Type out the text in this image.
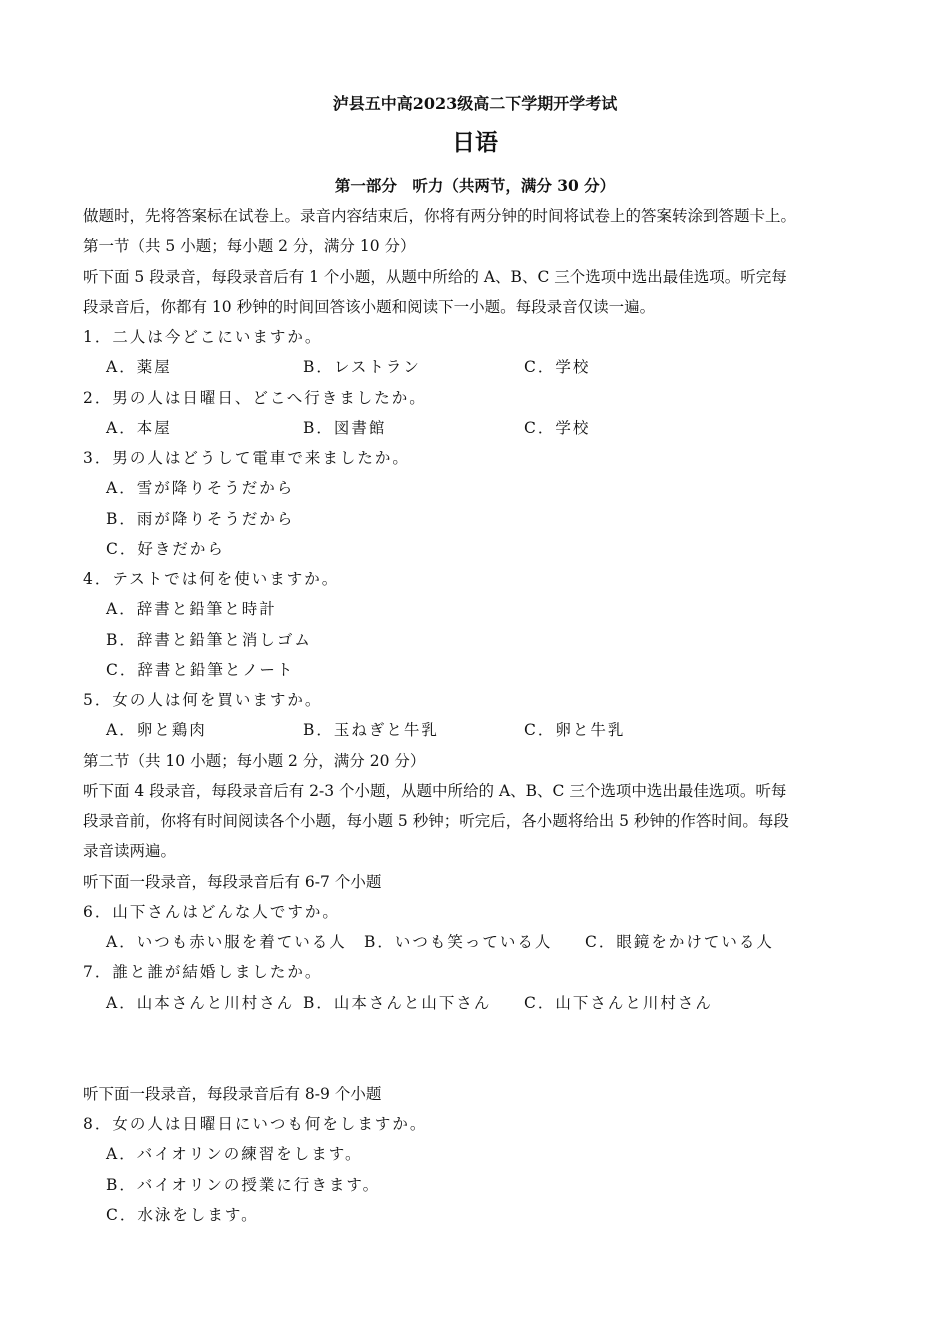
泸县五中高2023级高二下学期开学考试
日语
第一部分　听力（共两节，满分 30 分）
做题时，先将答案标在试卷上。录音内容结束后，你将有两分钟的时间将试卷上的答案转涂到答题卡上。
第一节（共 5 小题；每小题 2 分，满分 10 分）
听下面 5 段录音，每段录音后有 1 个小题，从题中所给的 A、B、C 三个选项中选出最佳选项。听完每
段录音后，你都有 10 秒钟的时间回答该小题和阅读下一小题。每段录音仅读一遍。
1．二人は今どこにいますか。
A．薬屋	B．レストラン	C．学校
2．男の人は日曜日、どこへ行きましたか。
A．本屋	B．図書館	C．学校
3．男の人はどうして電車で来ましたか。
A．雪が降りそうだから
B．雨が降りそうだから
C．好きだから
4．テストでは何を使いますか。
A．辞書と鉛筆と時計
B．辞書と鉛筆と消しゴム
C．辞書と鉛筆とノート
5．女の人は何を買いますか。
A．卵と鶏肉	B．玉ねぎと牛乳	C．卵と牛乳
第二节（共 10 小题；每小题 2 分，满分 20 分）
听下面 4 段录音，每段录音后有 2-3 个小题，从题中所给的 A、B、C 三个选项中选出最佳选项。听每
段录音前，你将有时间阅读各个小题，每小题 5 秒钟；听完后，各小题将给出 5 秒钟的作答时间。每段
录音读两遍。
听下面一段录音，每段录音后有 6-7 个小题
6．山下さんはどんな人ですか。
A．いつも赤い服を着ている人 B．いつも笑っている人 C．眼鏡をかけている人
7．誰と誰が結婚しましたか。
A．山本さんと川村さん B．山本さんと山下さん C．山下さんと川村さん
听下面一段录音，每段录音后有 8-9 个小题
8．女の人は日曜日にいつも何をしますか。
A．バイオリンの練習をします。
B．バイオリンの授業に行きます。
C．水泳をします。
